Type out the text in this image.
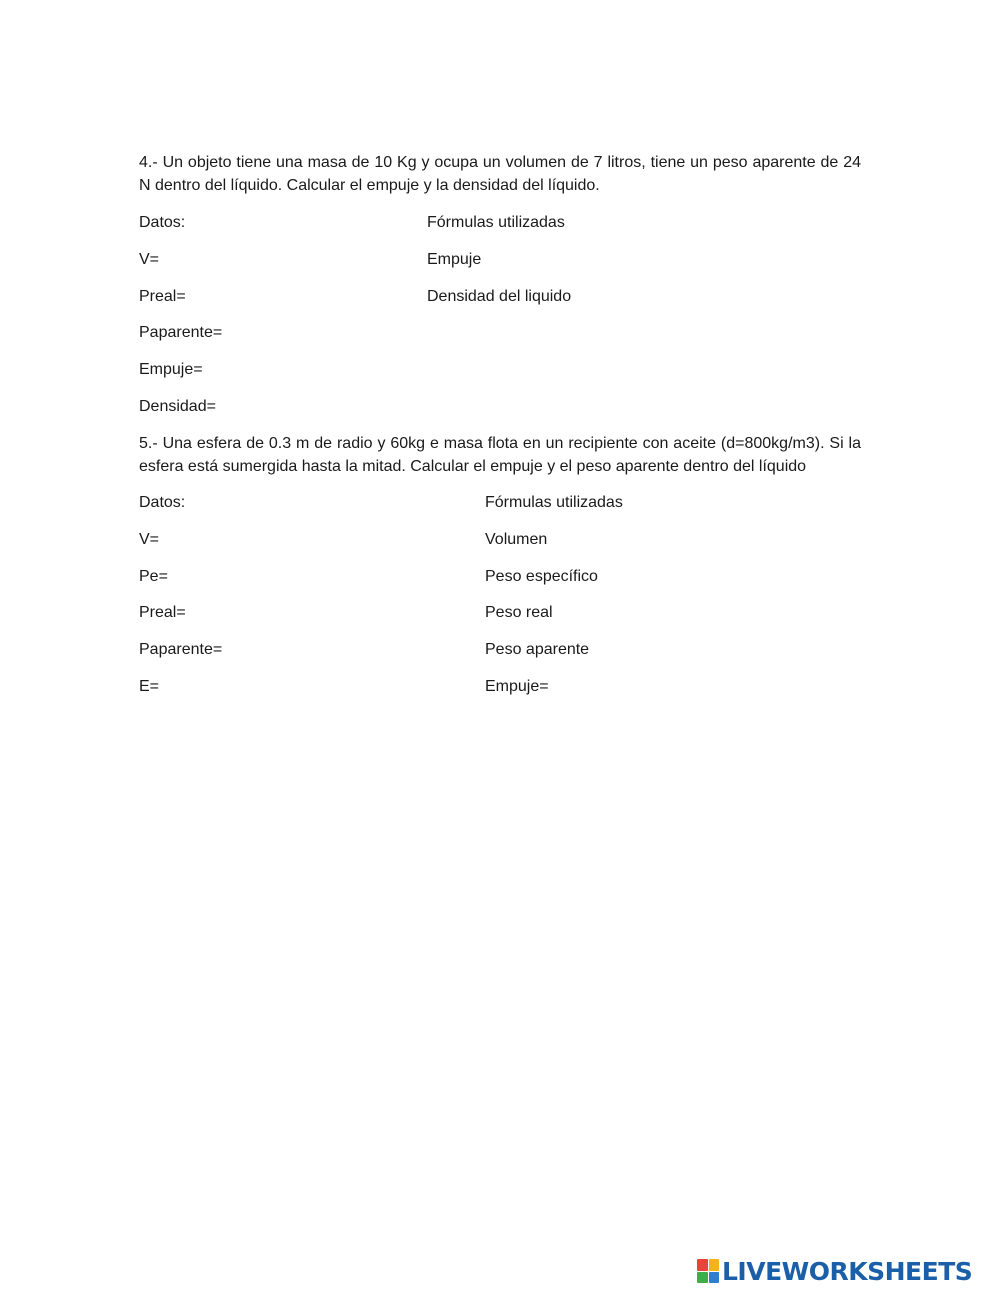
4.- Un objeto tiene una masa de 10 Kg y ocupa un volumen de 7 litros, tiene un peso aparente de 24 N dentro del líquido. Calcular el empuje y la densidad del líquido.
Datos:	Fórmulas utilizadas
V=	Empuje
Preal=	Densidad del liquido
Paparente=
Empuje=
Densidad=
5.- Una esfera de 0.3 m de radio y 60kg e masa flota en un recipiente con aceite (d=800kg/m3). Si la esfera está sumergida hasta la mitad. Calcular el empuje y el peso aparente dentro del líquido
Datos:	Fórmulas utilizadas
V=	Volumen
Pe=	Peso específico
Preal=	Peso real
Paparente=	Peso aparente
E=	Empuje=
LIVEWORKSHEETS
